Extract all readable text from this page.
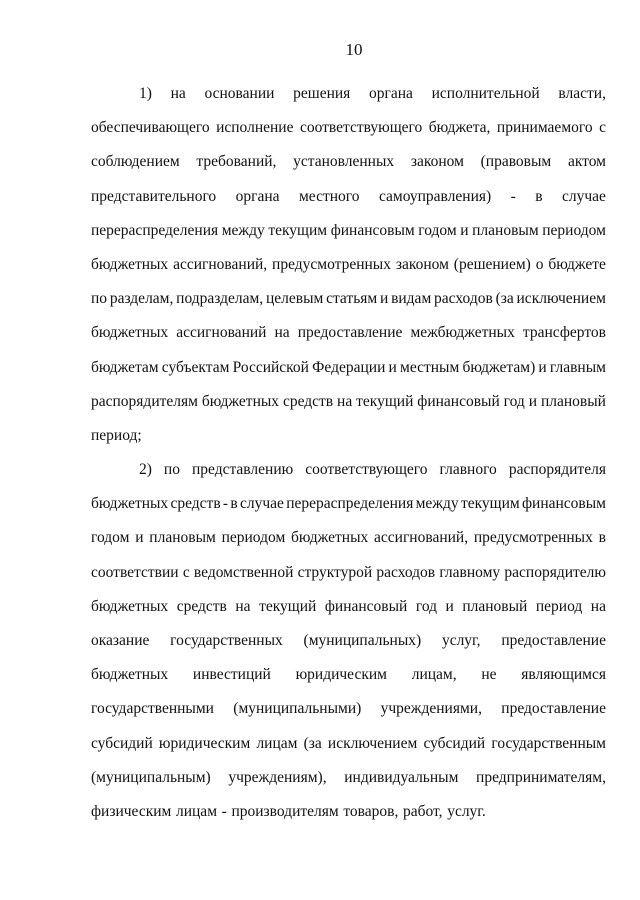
10
1) на основании решения органа исполнительной власти,
обеспечивающего исполнение соответствующего бюджета, принимаемого с
соблюдением требований, установленных законом (правовым актом
представительного органа местного самоуправления) - в случае
перераспределения между текущим финансовым годом и плановым периодом
бюджетных ассигнований, предусмотренных законом (решением) о бюджете
по разделам, подразделам, целевым статьям и видам расходов (за исключением
бюджетных ассигнований на предоставление межбюджетных трансфертов
бюджетам субъектам Российской Федерации и местным бюджетам) и главным
распорядителям бюджетных средств на текущий финансовый год и плановый
период;
2) по представлению соответствующего главного распорядителя
бюджетных средств - в случае перераспределения между текущим финансовым
годом и плановым периодом бюджетных ассигнований, предусмотренных в
соответствии с ведомственной структурой расходов главному распорядителю
бюджетных средств на текущий финансовый год и плановый период на
оказание государственных (муниципальных) услуг, предоставление
бюджетных инвестиций юридическим лицам, не являющимся
государственными (муниципальными) учреждениями, предоставление
субсидий юридическим лицам (за исключением субсидий государственным
(муниципальным) учреждениям), индивидуальным предпринимателям,
физическим лицам - производителям товаров, работ, услуг.
